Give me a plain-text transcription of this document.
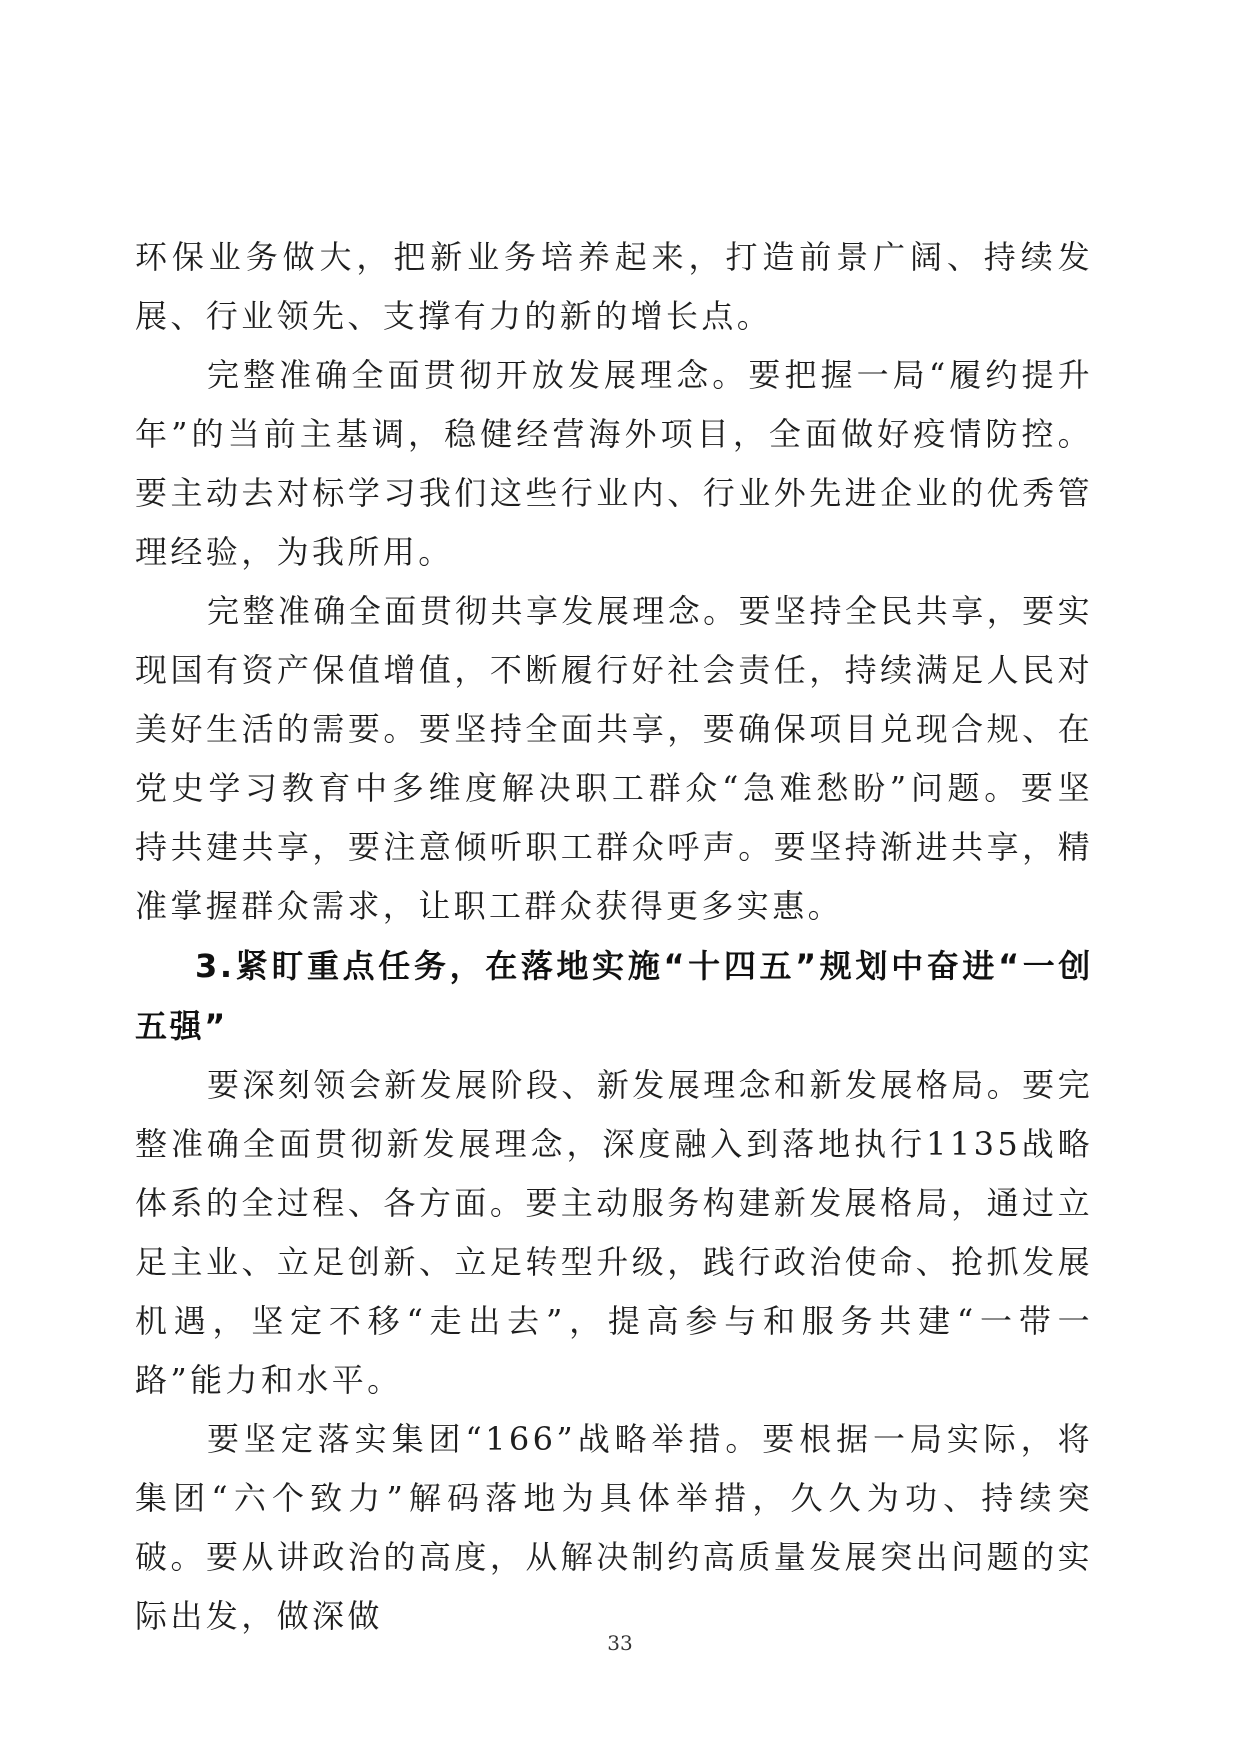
环保业务做大，把新业务培养起来，打造前景广阔、持续发展、行业领先、支撑有力的新的增长点。

完整准确全面贯彻开放发展理念。要把握一局“履约提升年”的当前主基调，稳健经营海外项目，全面做好疫情防控。要主动去对标学习我们这些行业内、行业外先进企业的优秀管理经验，为我所用。

完整准确全面贯彻共享发展理念。要坚持全民共享，要实现国有资产保值增值，不断履行好社会责任，持续满足人民对美好生活的需要。要坚持全面共享，要确保项目兑现合规、在党史学习教育中多维度解决职工群众“急难愁盼”问题。要坚持共建共享，要注意倾听职工群众呼声。要坚持渐进共享，精准掌握群众需求，让职工群众获得更多实惠。

3.紧盯重点任务，在落地实施“十四五”规划中奋进“一创五强”

要深刻领会新发展阶段、新发展理念和新发展格局。要完整准确全面贯彻新发展理念，深度融入到落地执行1135战略体系的全过程、各方面。要主动服务构建新发展格局，通过立足主业、立足创新、立足转型升级，践行政治使命、抢抓发展机遇，坚定不移“走出去”，提高参与和服务共建“一带一路”能力和水平。

要坚定落实集团“166”战略举措。要根据一局实际，将集团“六个致力”解码落地为具体举措，久久为功、持续突破。要从讲政治的高度，从解决制约高质量发展突出问题的实际出发，做深做

33
